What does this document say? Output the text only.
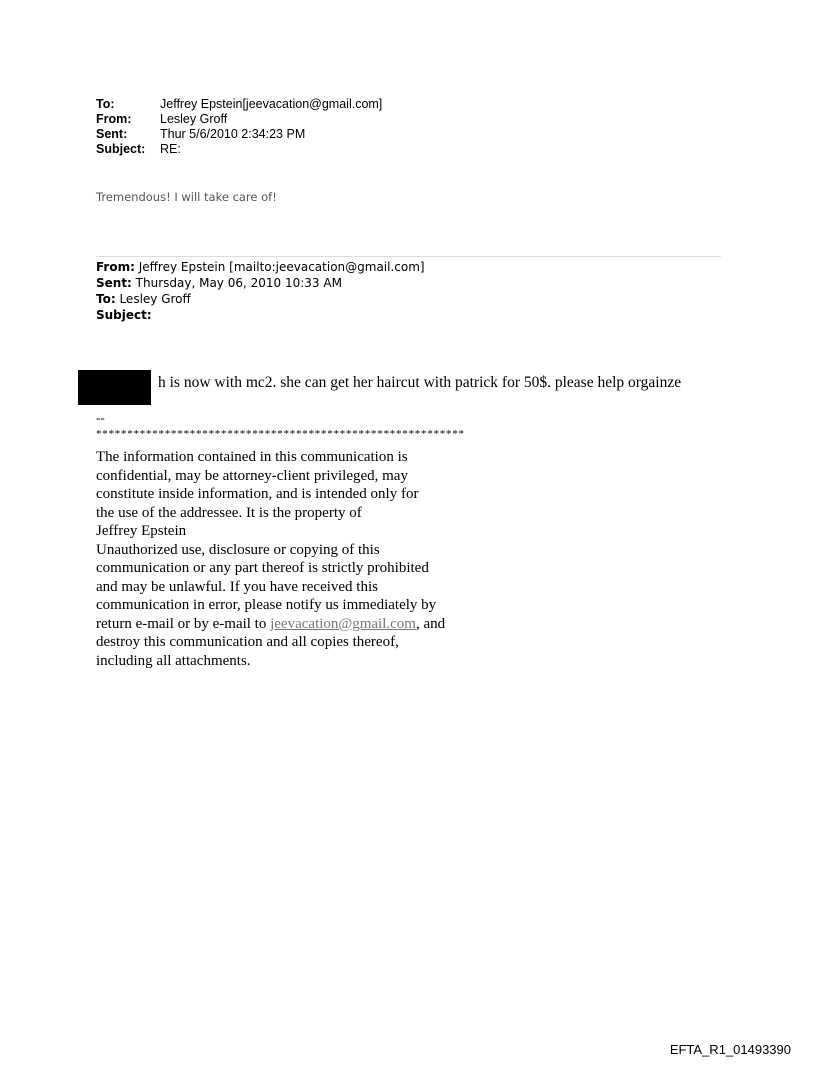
To:	Jeffrey Epstein[jeevacation@gmail.com]
From:	Lesley Groff
Sent:	Thur 5/6/2010 2:34:23 PM
Subject:	RE:
Tremendous! I will take care of!
From: Jeffrey Epstein [mailto:jeevacation@gmail.com]
Sent: Thursday, May 06, 2010 10:33 AM
To: Lesley Groff
Subject:
h is now with mc2. she can get her haircut with patrick for 50$. please help orgainze
--
***********************************************************
The information contained in this communication is
confidential, may be attorney-client privileged, may
constitute inside information, and is intended only for
the use of the addressee. It is the property of
Jeffrey Epstein
Unauthorized use, disclosure or copying of this
communication or any part thereof is strictly prohibited
and may be unlawful. If you have received this
communication in error, please notify us immediately by
return e-mail or by e-mail to jeevacation@gmail.com, and
destroy this communication and all copies thereof,
including all attachments.
EFTA_R1_01493390
